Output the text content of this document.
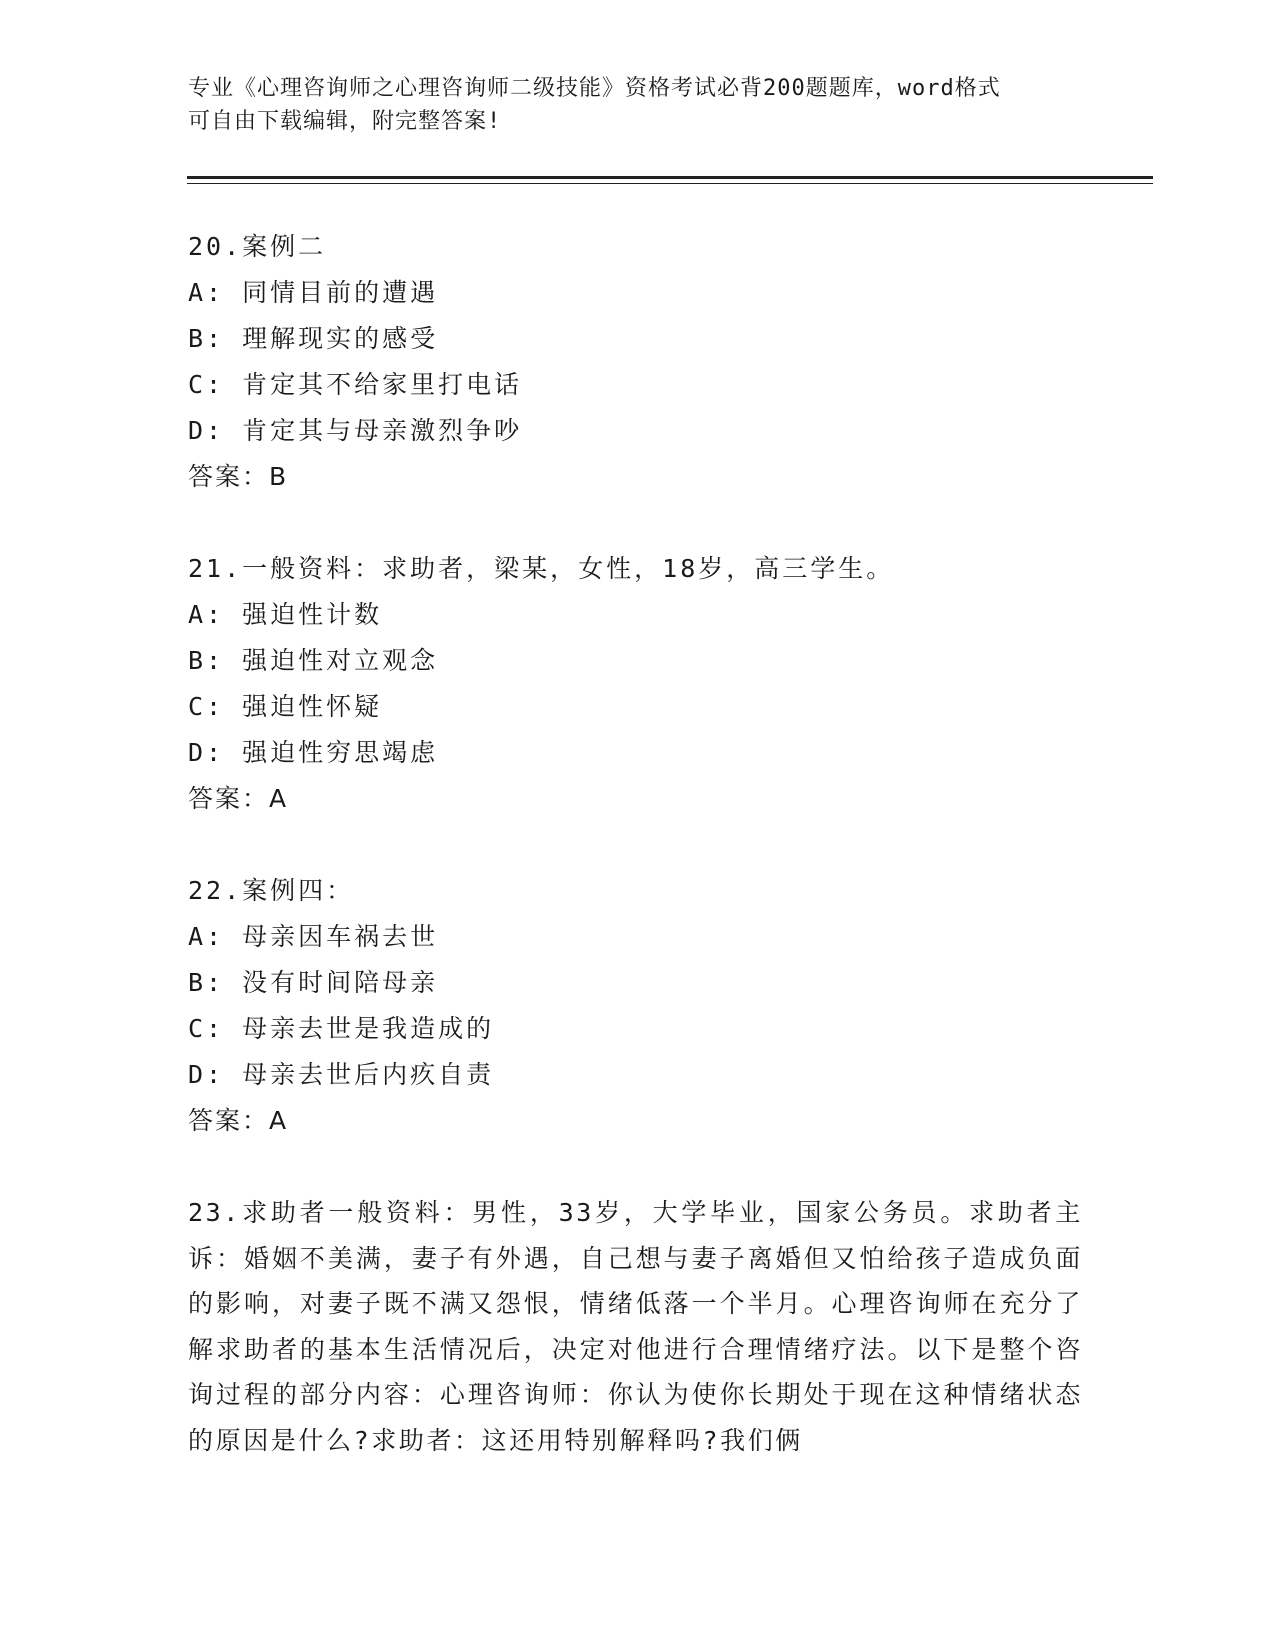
专业《心理咨询师之心理咨询师二级技能》资格考试必背200题题库，word格式
可自由下载编辑，附完整答案!
20.案例二
A: 同情目前的遭遇
B: 理解现实的感受
C: 肯定其不给家里打电话
D: 肯定其与母亲激烈争吵
答案：B
21.一般资料：求助者，梁某，女性，18岁，高三学生。
A: 强迫性计数
B: 强迫性对立观念
C: 强迫性怀疑
D: 强迫性穷思竭虑
答案：A
22.案例四：
A: 母亲因车祸去世
B: 没有时间陪母亲
C: 母亲去世是我造成的
D: 母亲去世后内疚自责
答案：A
23.求助者一般资料：男性，33岁，大学毕业，国家公务员。求助者主诉：婚姻不美满，妻子有外遇，自己想与妻子离婚但又怕给孩子造成负面的影响，对妻子既不满又怨恨，情绪低落一个半月。心理咨询师在充分了解求助者的基本生活情况后，决定对他进行合理情绪疗法。以下是整个咨询过程的部分内容：心理咨询师：你认为使你长期处于现在这种情绪状态的原因是什么?求助者：这还用特别解释吗?我们俩
